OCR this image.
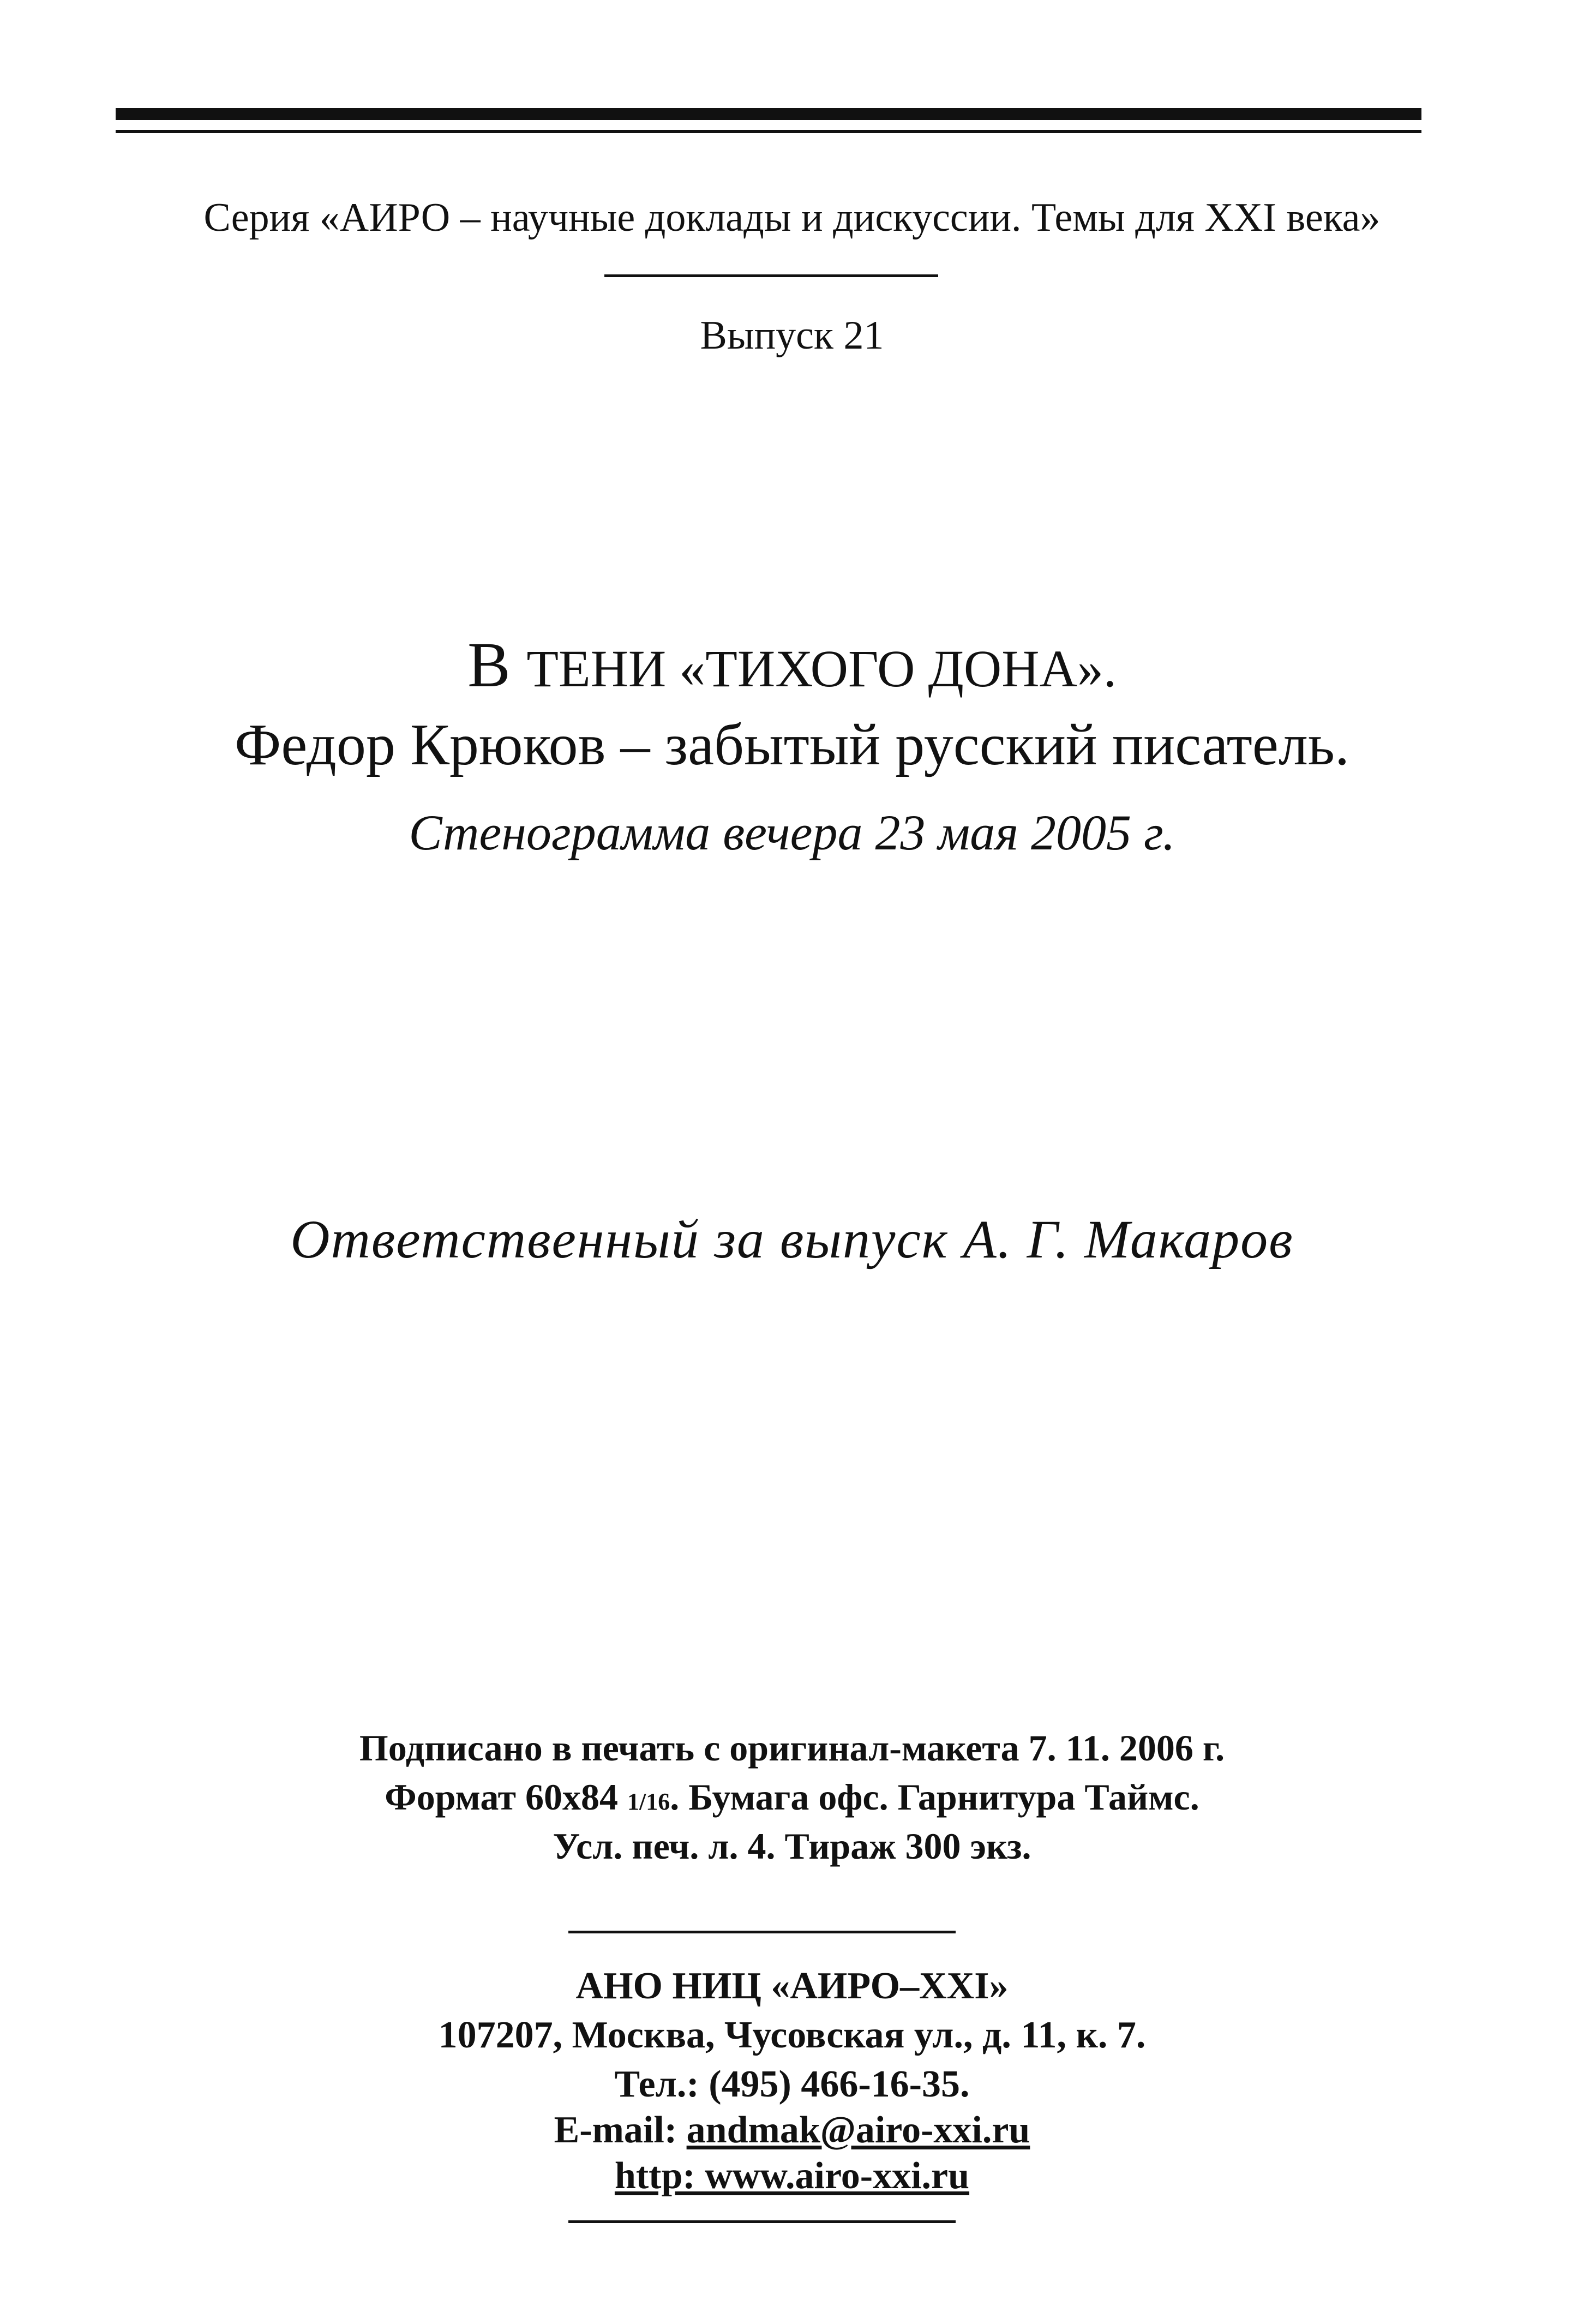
Серия «АИРО – научные доклады и дискуссии. Темы для XXI века»
Выпуск 21
В ТЕНИ «ТИХОГО ДОНА».
Федор Крюков – забытый русский писатель.
Стенограмма вечера 23 мая 2005 г.
Ответственный за выпуск А. Г. Макаров
Подписано в печать с оригинал-макета 7. 11. 2006 г.
Формат 60x84 1/16. Бумага офс. Гарнитура Таймс.
Усл. печ. л. 4. Тираж 300 экз.
АНО НИЦ «АИРО–XXI»
107207, Москва, Чусовская ул., д. 11, к. 7.
Тел.: (495) 466-16-35.
E-mail: andmak@airo-xxi.ru
http: www.airo-xxi.ru
